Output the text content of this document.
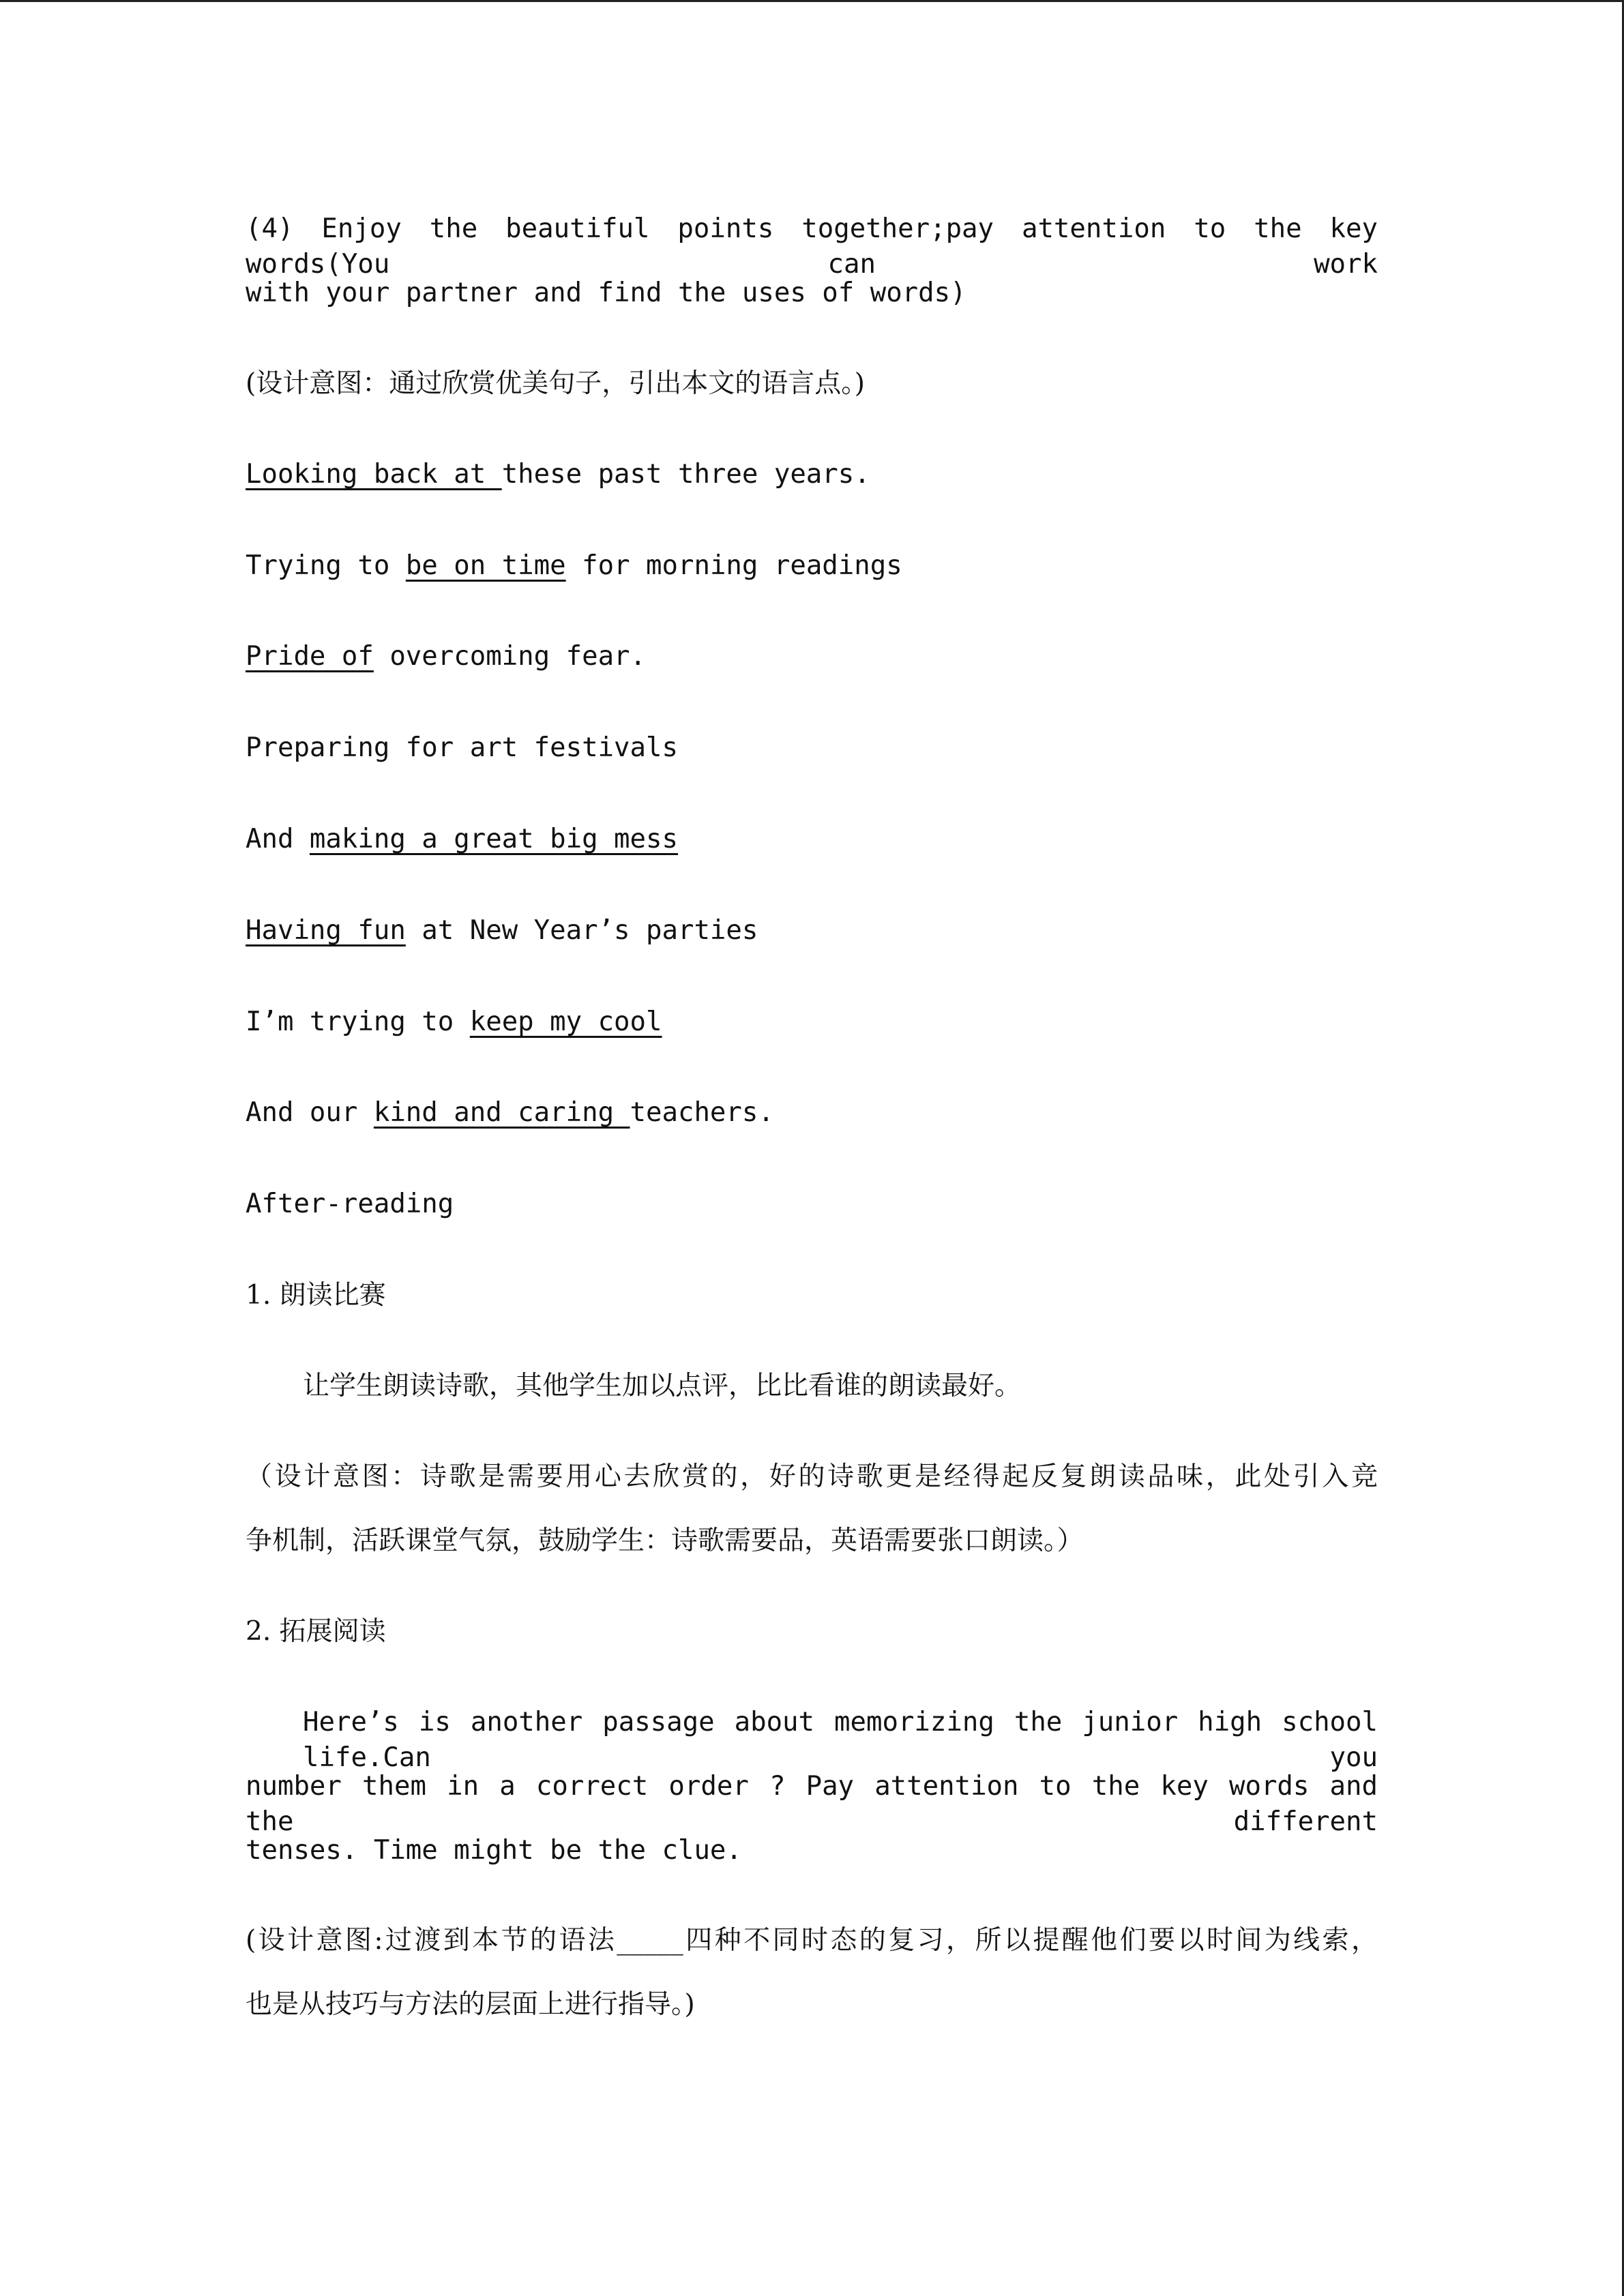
(4) Enjoy the beautiful points together;pay attention to the key words(You can work

with your partner and find the uses of words)

(设计意图：通过欣赏优美句子，引出本文的语言点。)

Looking back at these past three years.

Trying to be on time for morning readings

Pride of overcoming fear.

Preparing for art festivals

And making a great big mess

Having fun at New Year’s parties

I’m trying to keep my cool

And our kind and caring teachers.

After-reading

1. 朗读比赛

让学生朗读诗歌，其他学生加以点评，比比看谁的朗读最好。

（设计意图：诗歌是需要用心去欣赏的，好的诗歌更是经得起反复朗读品味，此处引入竞

争机制，活跃课堂气氛，鼓励学生：诗歌需要品，英语需要张口朗读。）

2. 拓展阅读

Here’s is another passage about memorizing the junior high school life.Can you

number them in a correct order ? Pay attention to the key words and the different

tenses. Time might be the clue.

(设计意图:过渡到本节的语法_____四种不同时态的复习，所以提醒他们要以时间为线索，

也是从技巧与方法的层面上进行指导。)
